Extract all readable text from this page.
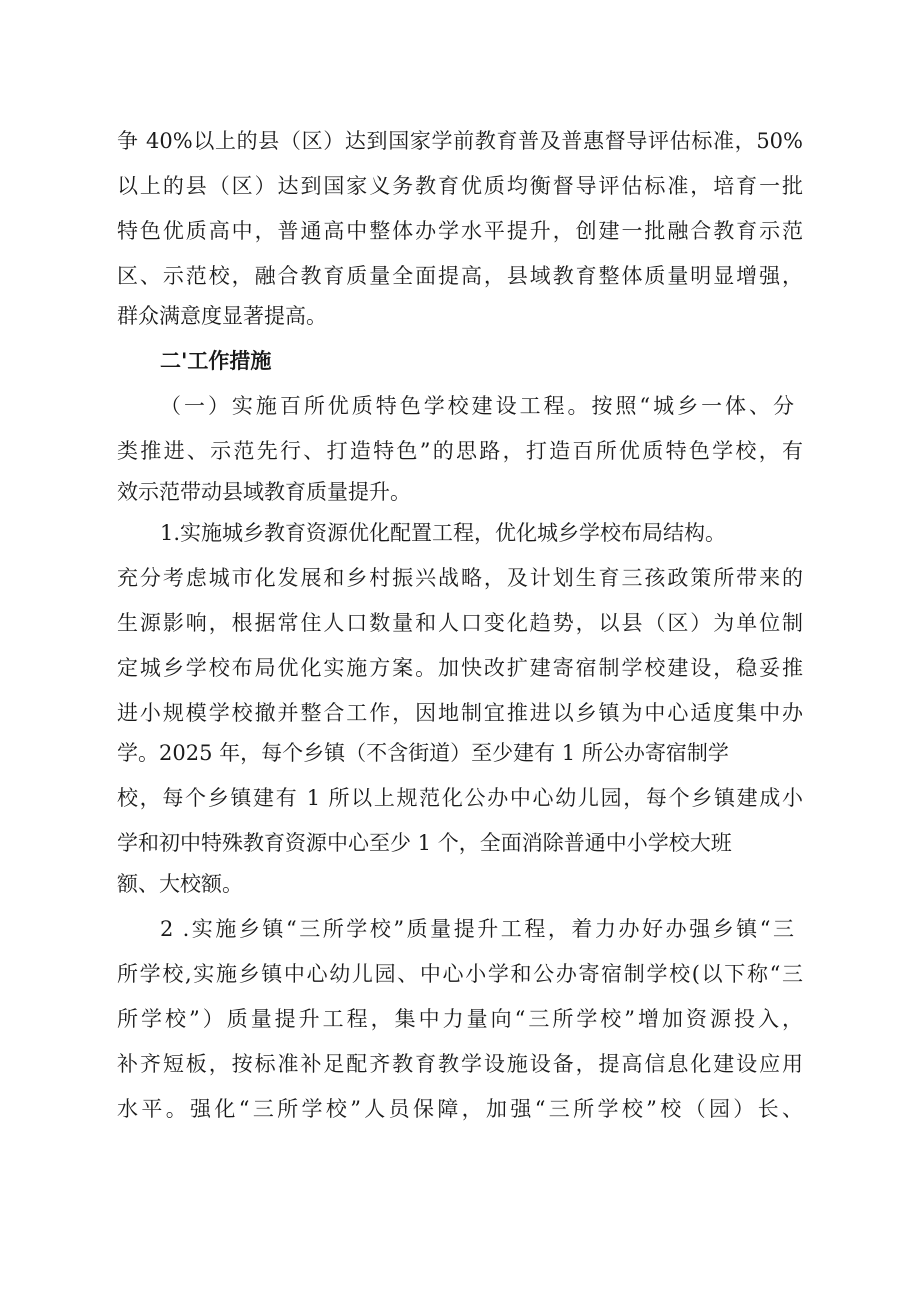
争 40%以上的县（区）达到国家学前教育普及普惠督导评估标准，50%
以上的县（区）达到国家义务教育优质均衡督导评估标准，培育一批
特色优质高中，普通高中整体办学水平提升，创建一批融合教育示范
区、示范校，融合教育质量全面提高，县域教育整体质量明显增强，
群众满意度显著提高。
二'工作措施
（一）实施百所优质特色学校建设工程。按照“城乡一体、分
类推进、示范先行、打造特色”的思路，打造百所优质特色学校，有
效示范带动县域教育质量提升。
1.实施城乡教育资源优化配置工程，优化城乡学校布局结构。
充分考虑城市化发展和乡村振兴战略，及计划生育三孩政策所带来的
生源影响，根据常住人口数量和人口变化趋势，以县（区）为单位制
定城乡学校布局优化实施方案。加快改扩建寄宿制学校建设，稳妥推
进小规模学校撤并整合工作，因地制宜推进以乡镇为中心适度集中办
学。2025 年，每个乡镇（不含街道）至少建有 1 所公办寄宿制学
校，每个乡镇建有 1 所以上规范化公办中心幼儿园，每个乡镇建成小
学和初中特殊教育资源中心至少 1 个，全面消除普通中小学校大班
额、大校额。
2 .实施乡镇“三所学校”质量提升工程，着力办好办强乡镇“三
所学校,实施乡镇中心幼儿园、中心小学和公办寄宿制学校(以下称“三
所学校”）质量提升工程，集中力量向“三所学校”增加资源投入，
补齐短板，按标准补足配齐教育教学设施设备，提高信息化建设应用
水平。强化“三所学校”人员保障，加强“三所学校”校（园）长、
